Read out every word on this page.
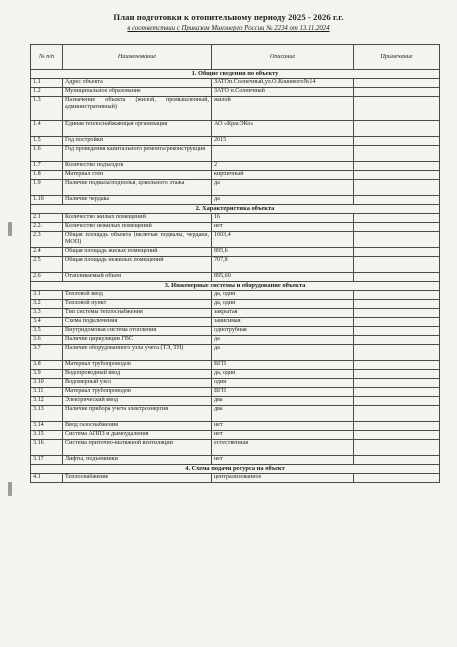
План подготовки к отопительному периоду 2025 - 2026 г.г.
в соответствии с Приказом Минэнерго России № 2234 от 13.11.2024
№ п/п	Наименование	Описание	Примечание
1. Общие сведения по объекту			
1.1	Адрес объекта	ЗАТОп.Солнечный,ул.О.Кошевого№14	
1.2	Муниципальное образование	ЗАТО п.Солнечный	
1.3	Назначение объекта (жилой, промышленный, административный)	жилой	
1.4	Единая теплоснабжающая организация	АО «КрасЭКо»	
1.5	Год постройки	2015	
1.6	Год проведения капитального ремонта/реконструкция		
1.7	Количество подъездов	2	
1.8	Материал стен	кирпичный	
1.9	Наличие подвала/подполья, цокольного этажа	да	
1.10	Наличие чердака	да	
2. Характеристика объекта			
2.1	Количество жилых помещений	16	
2.2.	Количество нежилых помещений	нет	
2.3	Общая площадь объекта (включая подвалы, чердаки, МОП)	1603,4	
2.4	Общая площадь жилых помещений	895,6	
2.5	Общая площадь нежилых помещений	707,8	
2.6	Отапливаемый объем	895,60	
3. Инженерные системы и оборудование объекта			
3.1	Тепловой ввод	да, один	
3.2	Тепловой пункт	да, один	
3.3	Тип системы теплоснабжения	закрытая	
3.4	Схема подключения	зависимая	
3.5	Внутридомовая система отопления	однотрубная	
3.6	Наличие циркуляции ГВС	да	
3.7	Наличие оборудованного узла учета (ТЭ, ТН)	да	
3.8	Материал трубопроводов	ВГП	
3.9	Водопроводный ввод	да, один	
3.10	Водомерный узел	один	
3.11	Материал трубопроводов	ВГП	
3.12	Электрический ввод	два	
3.13	Наличие прибора учета электроэнергии	два	
3.14	Ввод газоснабжения	нет	
3.15	Система АППЗ и дымоудаления	нет	
3.16	Система приточно-вытяжной вентиляции	естественная	
3.17	Лифты, подъемники	нет	
4. Схема подачи ресурса на объект			
4.1	Теплоснабжение	централизованное	
